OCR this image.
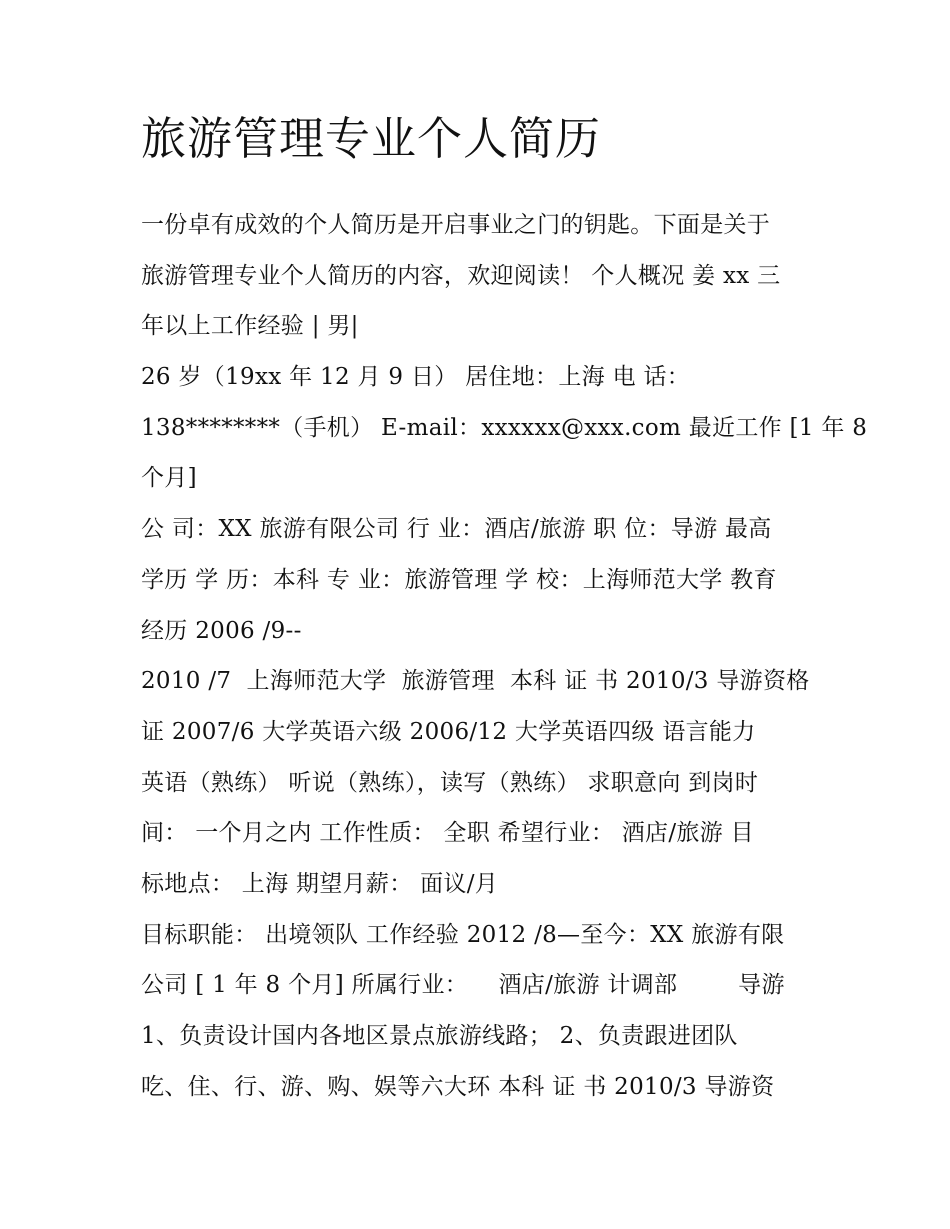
旅游管理专业个人简历
一份卓有成效的个人简历是开启事业之门的钥匙。下面是关于
旅游管理专业个人简历的内容，欢迎阅读！ 个人概况 姜 xx 三
年以上工作经验 | 男|
26 岁（19xx 年 12 月 9 日） 居住地：上海 电 话：
138********（手机） E-mail：xxxxxx@xxx.com 最近工作 [1 年 8
个月]
公 司：XX 旅游有限公司 行 业：酒店/旅游 职 位：导游 最高
学历 学 历：本科 专 业：旅游管理 学 校：上海师范大学 教育
经历 2006 /9--
2010 /7  上海师范大学  旅游管理  本科 证 书 2010/3 导游资格
证 2007/6 大学英语六级 2006/12 大学英语四级 语言能力
英语（熟练） 听说（熟练），读写（熟练） 求职意向 到岗时
间： 一个月之内 工作性质： 全职 希望行业： 酒店/旅游 目
标地点： 上海 期望月薪： 面议/月
目标职能： 出境领队 工作经验 2012 /8—至今：XX 旅游有限
公司 [ 1 年 8 个月] 所属行业：    酒店/旅游 计调部        导游
1、负责设计国内各地区景点旅游线路； 2、负责跟进团队
吃、住、行、游、购、娱等六大环 本科 证 书 2010/3 导游资
